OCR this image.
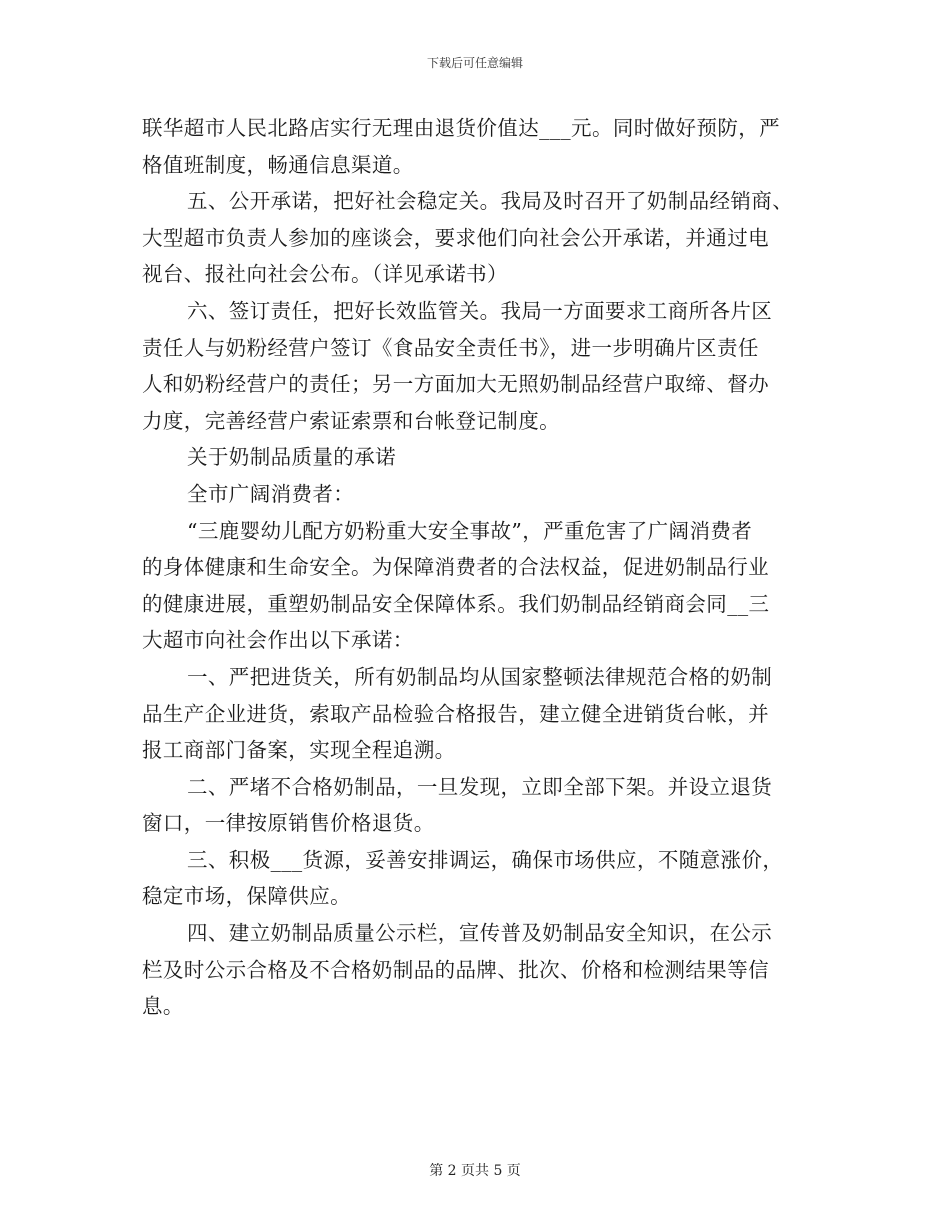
下载后可任意编辑
联华超市人民北路店实行无理由退货价值达___元。同时做好预防，严
格值班制度，畅通信息渠道。
五、公开承诺，把好社会稳定关。我局及时召开了奶制品经销商、
大型超市负责人参加的座谈会，要求他们向社会公开承诺，并通过电
视台、报社向社会公布。（详见承诺书）
六、签订责任，把好长效监管关。我局一方面要求工商所各片区
责任人与奶粉经营户签订《食品安全责任书》，进一步明确片区责任
人和奶粉经营户的责任；另一方面加大无照奶制品经营户取缔、督办
力度，完善经营户索证索票和台帐登记制度。
关于奶制品质量的承诺
全市广阔消费者：
“三鹿婴幼儿配方奶粉重大安全事故”，严重危害了广阔消费者
的身体健康和生命安全。为保障消费者的合法权益，促进奶制品行业
的健康进展，重塑奶制品安全保障体系。我们奶制品经销商会同__三
大超市向社会作出以下承诺：
一、严把进货关，所有奶制品均从国家整顿法律规范合格的奶制
品生产企业进货，索取产品检验合格报告，建立健全进销货台帐，并
报工商部门备案，实现全程追溯。
二、严堵不合格奶制品，一旦发现，立即全部下架。并设立退货
窗口，一律按原销售价格退货。
三、积极___货源，妥善安排调运，确保市场供应，不随意涨价，
稳定市场，保障供应。
四、建立奶制品质量公示栏，宣传普及奶制品安全知识，在公示
栏及时公示合格及不合格奶制品的品牌、批次、价格和检测结果等信
息。
第 2 页共 5 页
